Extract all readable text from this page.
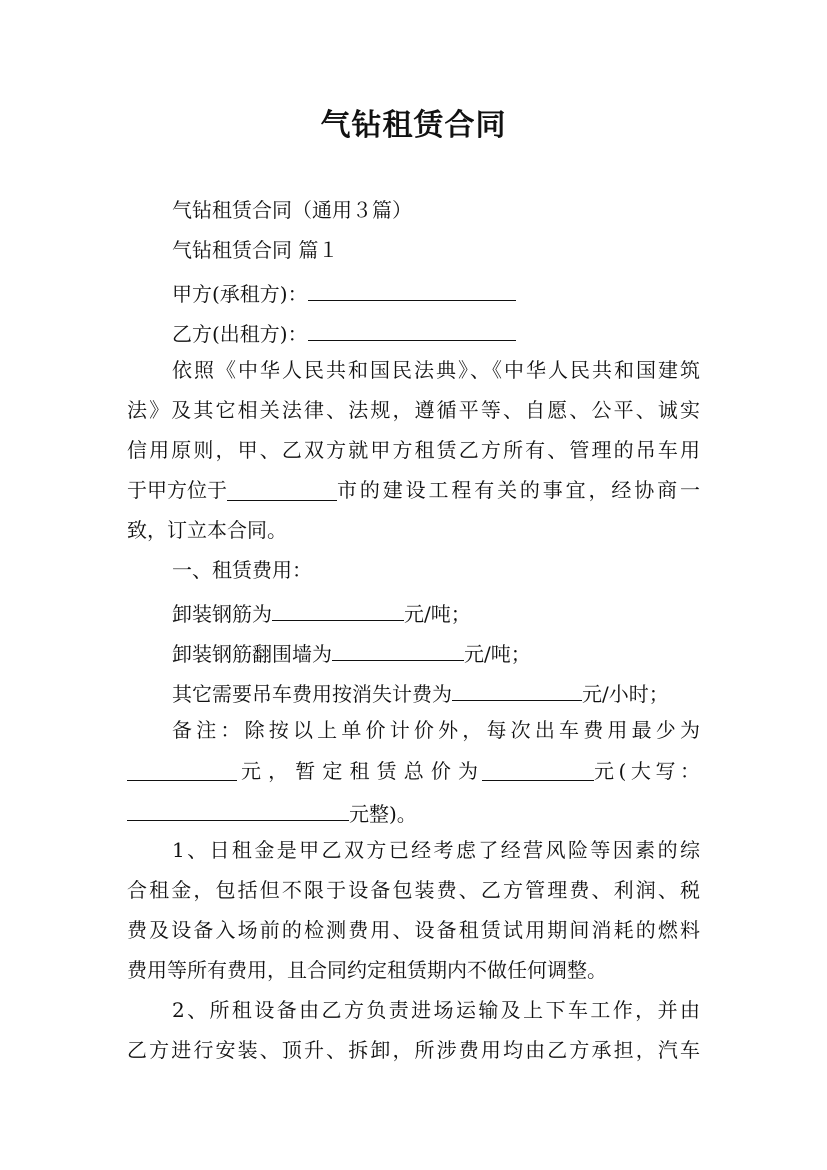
气钻租赁合同
气钻租赁合同（通用３篇）
气钻租赁合同 篇１
甲方(承租方)：
乙方(出租方)：
依照《中华人民共和国民法典》、《中华人民共和国建筑
法》及其它相关法律、法规，遵循平等、自愿、公平、诚实
信用原则，甲、乙双方就甲方租赁乙方所有、管理的吊车用
于甲方位于	市的建设工程有关的事宜，经协商一
致，订立本合同。
一、租赁费用：
卸装钢筋为	元/吨；
卸装钢筋翻围墙为	元/吨；
其它需要吊车费用按消失计费为	元/小时；
备注：除按以上单价计价外，每次出车费用最少为
元，暂定租赁总价为	元(大写：
元整)。
1、日租金是甲乙双方已经考虑了经营风险等因素的综
合租金，包括但不限于设备包装费、乙方管理费、利润、税
费及设备入场前的检测费用、设备租赁试用期间消耗的燃料
费用等所有费用，且合同约定租赁期内不做任何调整。
2、所租设备由乙方负责进场运输及上下车工作，并由
乙方进行安装、顶升、拆卸，所涉费用均由乙方承担，汽车
